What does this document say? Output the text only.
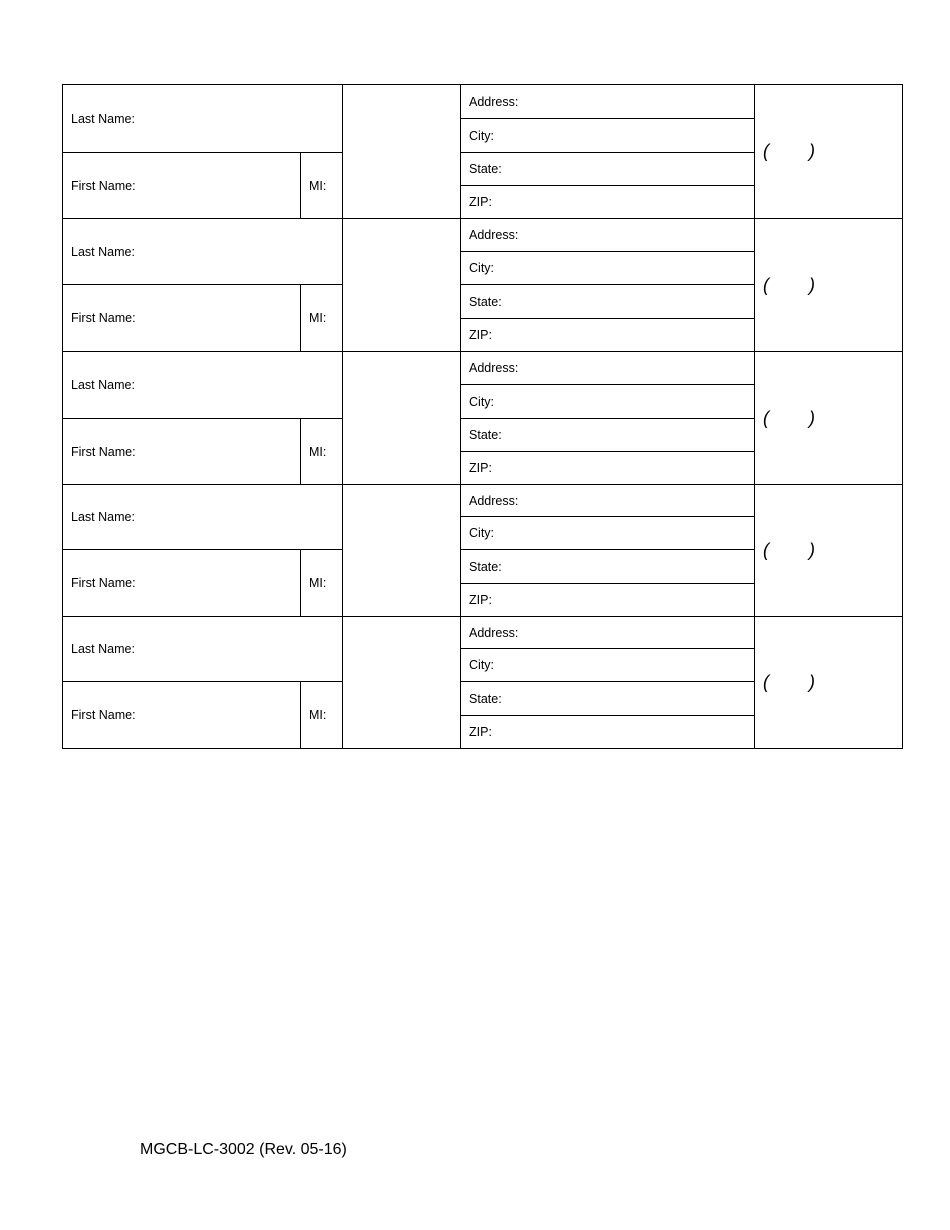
Last Name:			Address:	( )
			City:	
First Name:	MI:		State:	
			ZIP:	
Last Name:			Address:	( )
			City:	
First Name:	MI:		State:	
			ZIP:	
Last Name:			Address:	( )
			City:	
First Name:	MI:		State:	
			ZIP:	
Last Name:			Address:	( )
			City:	
First Name:	MI:		State:	
			ZIP:	
Last Name:			Address:	( )
			City:	
First Name:	MI:		State:	
			ZIP:	
MGCB-LC-3002 (Rev. 05-16)
